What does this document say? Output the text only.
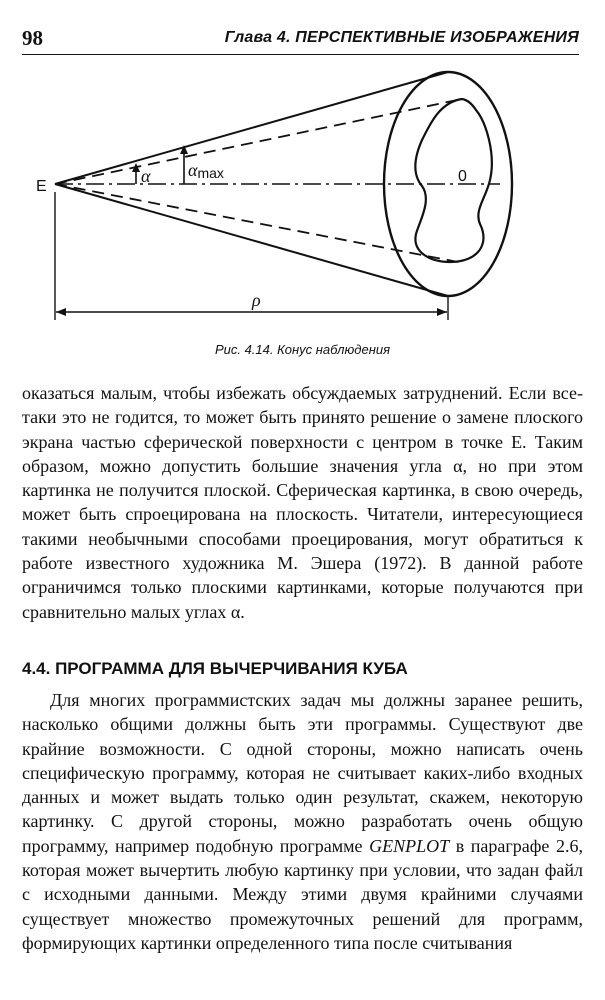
98	Глава 4. ПЕРСПЕКТИВНЫЕ ИЗОБРАЖЕНИЯ
E
α αmax	0
ρ
Рис. 4.14. Конус наблюдения

оказаться малым, чтобы избежать обсуждаемых затруднений. Если все-таки это не годится, то может быть принято решение о замене плоского экрана частью сферической поверхности с центром в точке E. Таким образом, можно допустить большие значения угла α, но при этом картинка не получится плоской. Сферическая картинка, в свою очередь, может быть спроецирована на плоскость. Читатели, интересующиеся такими необычными способами проецирования, могут обратиться к работе известного художника М. Эшера (1972). В данной работе ограничимся только плоскими картинками, которые получаются при сравнительно малых углах α.

4.4. ПРОГРАММА ДЛЯ ВЫЧЕРЧИВАНИЯ КУБА

Для многих программистских задач мы должны заранее решить, насколько общими должны быть эти программы. Существуют две крайние возможности. С одной стороны, можно написать очень специфическую программу, которая не считывает каких-либо входных данных и может выдать только один результат, скажем, некоторую картинку. С другой стороны, можно разработать очень общую программу, например подобную программе GENPLOT в параграфе 2.6, которая может вычертить любую картинку при условии, что задан файл с исходными данными. Между этими двумя крайними случаями существует множество промежуточных решений для программ, формирующих картинки определенного типа после считывания
